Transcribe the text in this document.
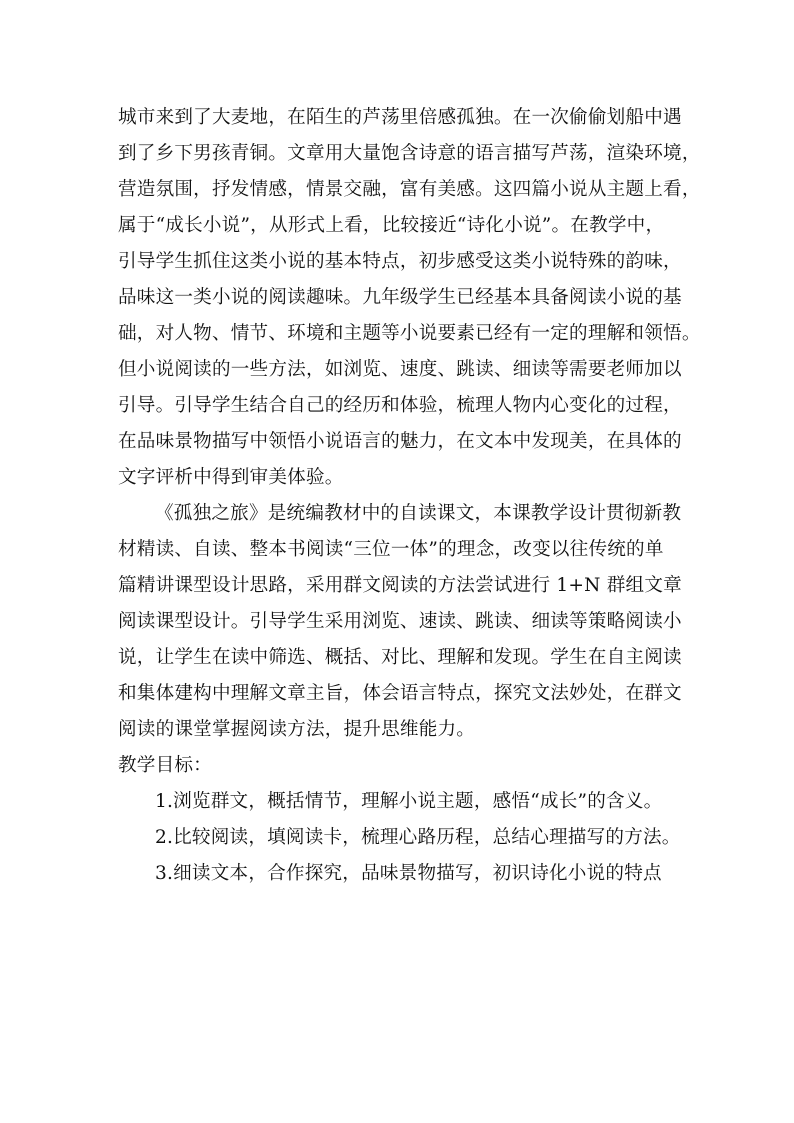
城市来到了大麦地，在陌生的芦荡里倍感孤独。在一次偷偷划船中遇
到了乡下男孩青铜。文章用大量饱含诗意的语言描写芦荡，渲染环境，
营造氛围，抒发情感，情景交融，富有美感。这四篇小说从主题上看，
属于“成长小说”，从形式上看，比较接近“诗化小说”。在教学中，
引导学生抓住这类小说的基本特点，初步感受这类小说特殊的韵味，
品味这一类小说的阅读趣味。九年级学生已经基本具备阅读小说的基
础，对人物、情节、环境和主题等小说要素已经有一定的理解和领悟。
但小说阅读的一些方法，如浏览、速度、跳读、细读等需要老师加以
引导。引导学生结合自己的经历和体验，梳理人物内心变化的过程，
在品味景物描写中领悟小说语言的魅力，在文本中发现美，在具体的
文字评析中得到审美体验。
《孤独之旅》是统编教材中的自读课文，本课教学设计贯彻新教
材精读、自读、整本书阅读“三位一体”的理念，改变以往传统的单
篇精讲课型设计思路，采用群文阅读的方法尝试进行 1+N 群组文章
阅读课型设计。引导学生采用浏览、速读、跳读、细读等策略阅读小
说，让学生在读中筛选、概括、对比、理解和发现。学生在自主阅读
和集体建构中理解文章主旨，体会语言特点，探究文法妙处，在群文
阅读的课堂掌握阅读方法，提升思维能力。
教学目标：
1.浏览群文，概括情节，理解小说主题，感悟“成长”的含义。
2.比较阅读，填阅读卡，梳理心路历程，总结心理描写的方法。
3.细读文本，合作探究，品味景物描写，初识诗化小说的特点
